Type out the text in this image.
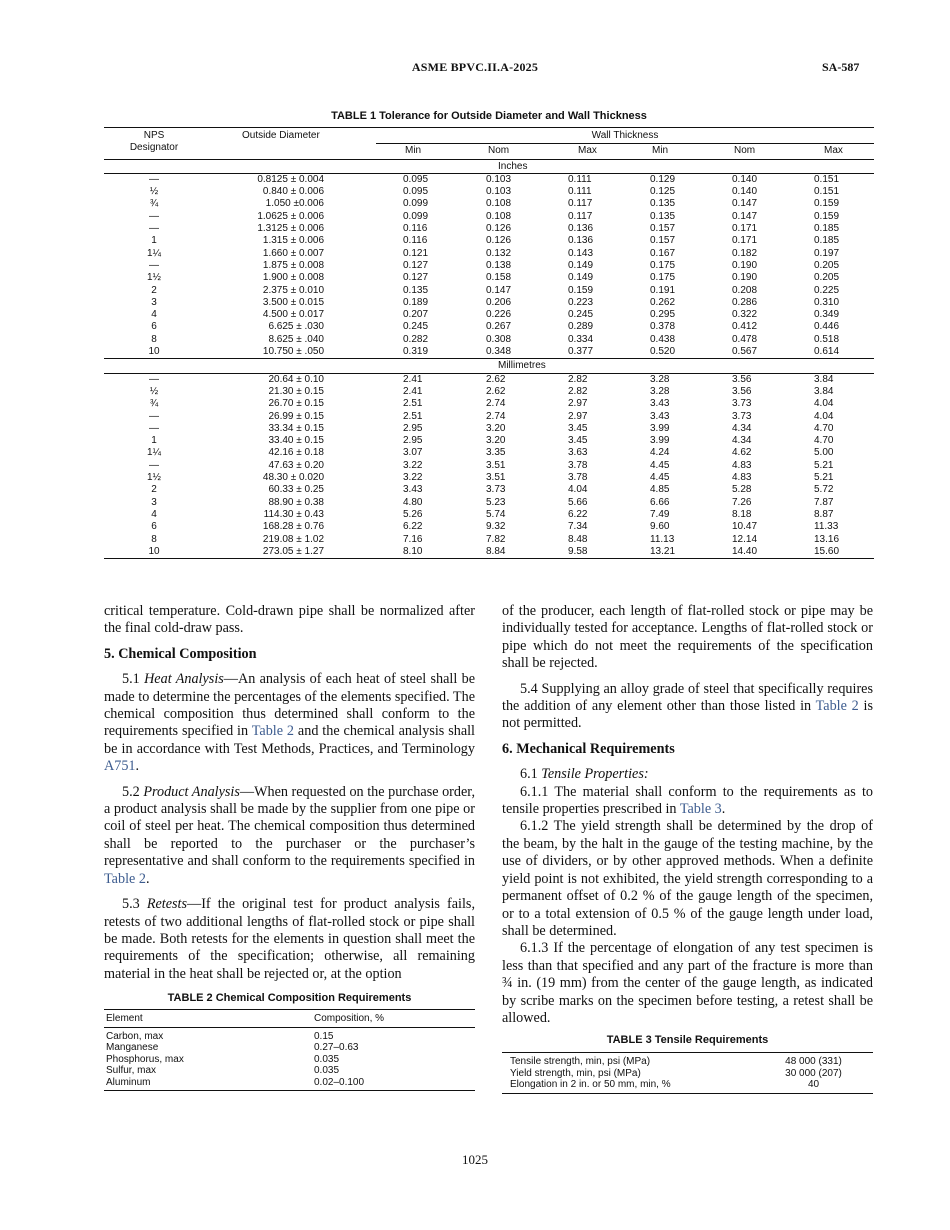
ASME BPVC.II.A-2025	SA-587
TABLE 1 Tolerance for Outside Diameter and Wall Thickness
NPS
Designator	Outside Diameter	Wall Thickness					
		Min	Nom	Max	Min	Nom	Max
		Inches					
—	0.8125 ± 0.004	0.095	0.103	0.111	0.129	0.140	0.151
½	0.840 ± 0.006	0.095	0.103	0.111	0.125	0.140	0.151
¾	1.050 ±0.006	0.099	0.108	0.117	0.135	0.147	0.159
—	1.0625 ± 0.006	0.099	0.108	0.117	0.135	0.147	0.159
—	1.3125 ± 0.006	0.116	0.126	0.136	0.157	0.171	0.185
1	1.315 ± 0.006	0.116	0.126	0.136	0.157	0.171	0.185
1¼	1.660 ± 0.007	0.121	0.132	0.143	0.167	0.182	0.197
—	1.875 ± 0.008	0.127	0.138	0.149	0.175	0.190	0.205
1½	1.900 ± 0.008	0.127	0.158	0.149	0.175	0.190	0.205
2	2.375 ± 0.010	0.135	0.147	0.159	0.191	0.208	0.225
3	3.500 ± 0.015	0.189	0.206	0.223	0.262	0.286	0.310
4	4.500 ± 0.017	0.207	0.226	0.245	0.295	0.322	0.349
6	6.625 ± .030	0.245	0.267	0.289	0.378	0.412	0.446
8	8.625 ± .040	0.282	0.308	0.334	0.438	0.478	0.518
10	10.750 ± .050	0.319	0.348	0.377	0.520	0.567	0.614
		Millimetres					
—	20.64 ± 0.10	2.41	2.62	2.82	3.28	3.56	3.84
½	21.30 ± 0.15	2.41	2.62	2.82	3.28	3.56	3.84
¾	26.70 ± 0.15	2.51	2.74	2.97	3.43	3.73	4.04
—	26.99 ± 0.15	2.51	2.74	2.97	3.43	3.73	4.04
—	33.34 ± 0.15	2.95	3.20	3.45	3.99	4.34	4.70
1	33.40 ± 0.15	2.95	3.20	3.45	3.99	4.34	4.70
1¼	42.16 ± 0.18	3.07	3.35	3.63	4.24	4.62	5.00
—	47.63 ± 0.20	3.22	3.51	3.78	4.45	4.83	5.21
1½	48.30 ± 0.020	3.22	3.51	3.78	4.45	4.83	5.21
2	60.33 ± 0.25	3.43	3.73	4.04	4.85	5.28	5.72
3	88.90 ± 0.38	4.80	5.23	5.66	6.66	7.26	7.87
4	114.30 ± 0.43	5.26	5.74	6.22	7.49	8.18	8.87
6	168.28 ± 0.76	6.22	9.32	7.34	9.60	10.47	11.33
8	219.08 ± 1.02	7.16	7.82	8.48	11.13	12.14	13.16
10	273.05 ± 1.27	8.10	8.84	9.58	13.21	14.40	15.60

critical temperature. Cold-drawn pipe shall be normalized after the final cold-draw pass.

5. Chemical Composition

5.1 Heat Analysis—An analysis of each heat of steel shall be made to determine the percentages of the elements specified. The chemical composition thus determined shall conform to the requirements specified in Table 2 and the chemical analysis shall be in accordance with Test Methods, Practices, and Terminology A751.

5.2 Product Analysis—When requested on the purchase order, a product analysis shall be made by the supplier from one pipe or coil of steel per heat. The chemical composition thus determined shall be reported to the purchaser or the purchaser’s representative and shall conform to the requirements specified in Table 2.

5.3 Retests—If the original test for product analysis fails, retests of two additional lengths of flat-rolled stock or pipe shall be made. Both retests for the elements in question shall meet the requirements of the specification; otherwise, all remaining material in the heat shall be rejected or, at the option

TABLE 2 Chemical Composition Requirements
Element	Composition, %
Carbon, max	0.15
Manganese	0.27–0.63
Phosphorus, max	0.035
Sulfur, max	0.035
Aluminum	0.02–0.100

of the producer, each length of flat-rolled stock or pipe may be individually tested for acceptance. Lengths of flat-rolled stock or pipe which do not meet the requirements of the specification shall be rejected.

5.4 Supplying an alloy grade of steel that specifically requires the addition of any element other than those listed in Table 2 is not permitted.

6. Mechanical Requirements

6.1 Tensile Properties:

6.1.1 The material shall conform to the requirements as to tensile properties prescribed in Table 3.

6.1.2 The yield strength shall be determined by the drop of the beam, by the halt in the gauge of the testing machine, by the use of dividers, or by other approved methods. When a definite yield point is not exhibited, the yield strength corresponding to a permanent offset of 0.2 % of the gauge length of the specimen, or to a total extension of 0.5 % of the gauge length under load, shall be determined.

6.1.3 If the percentage of elongation of any test specimen is less than that specified and any part of the fracture is more than ¾ in. (19 mm) from the center of the gauge length, as indicated by scribe marks on the specimen before testing, a retest shall be allowed.

TABLE 3 Tensile Requirements
Tensile strength, min, psi (MPa)	48 000 (331)
Yield strength, min, psi (MPa)	30 000 (207)
Elongation in 2 in. or 50 mm, min, %	40
1025
